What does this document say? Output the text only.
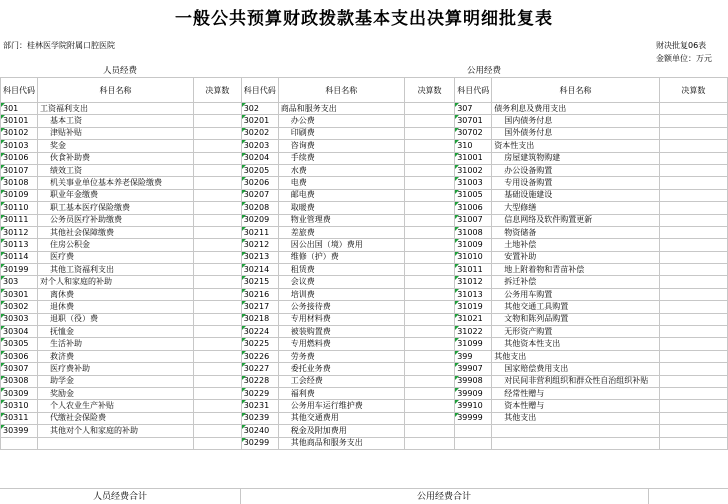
一般公共预算财政拨款基本支出决算明细批复表
部门：桂林医学院附属口腔医院	财决批复06表
金额单位：万元
人员经费	公用经费
科目代码	科目名称	决算数	科目代码	科目名称	决算数	科目代码	科目名称	决算数
301	工资福利支出		302	商品和服务支出		307	债务利息及费用支出	
30101	基本工资		30201	办公费		30701	国内债务付息	
30102	津贴补贴		30202	印刷费		30702	国外债务付息	
30103	奖金		30203	咨询费		310	资本性支出	
30106	伙食补助费		30204	手续费		31001	房屋建筑物购建	
30107	绩效工资		30205	水费		31002	办公设备购置	
30108	机关事业单位基本养老保险缴费		30206	电费		31003	专用设备购置	
30109	职业年金缴费		30207	邮电费		31005	基础设施建设	
30110	职工基本医疗保险缴费		30208	取暖费		31006	大型修缮	
30111	公务员医疗补助缴费		30209	物业管理费		31007	信息网络及软件购置更新	
30112	其他社会保障缴费		30211	差旅费		31008	物资储备	
30113	住房公积金		30212	因公出国（境）费用		31009	土地补偿	
30114	医疗费		30213	维修（护）费		31010	安置补助	
30199	其他工资福利支出		30214	租赁费		31011	地上附着物和青苗补偿	
303	对个人和家庭的补助		30215	会议费		31012	拆迁补偿	
30301	离休费		30216	培训费		31013	公务用车购置	
30302	退休费		30217	公务接待费		31019	其他交通工具购置	
30303	退职（役）费		30218	专用材料费		31021	文物和陈列品购置	
30304	抚恤金		30224	被装购置费		31022	无形资产购置	
30305	生活补助		30225	专用燃料费		31099	其他资本性支出	
30306	救济费		30226	劳务费		399	其他支出	
30307	医疗费补助		30227	委托业务费		39907	国家赔偿费用支出	
30308	助学金		30228	工会经费		39908	对民间非营利组织和群众性自治组织补贴	
30309	奖励金		30229	福利费		39909	经常性赠与	
30310	个人农业生产补贴		30231	公务用车运行维护费		39910	资本性赠与	
30311	代缴社会保险费		30239	其他交通费用		39999	其他支出	
30399	其他对个人和家庭的补助		30240	税金及附加费用				
			30299	其他商品和服务支出				
人员经费合计	公用经费合计
